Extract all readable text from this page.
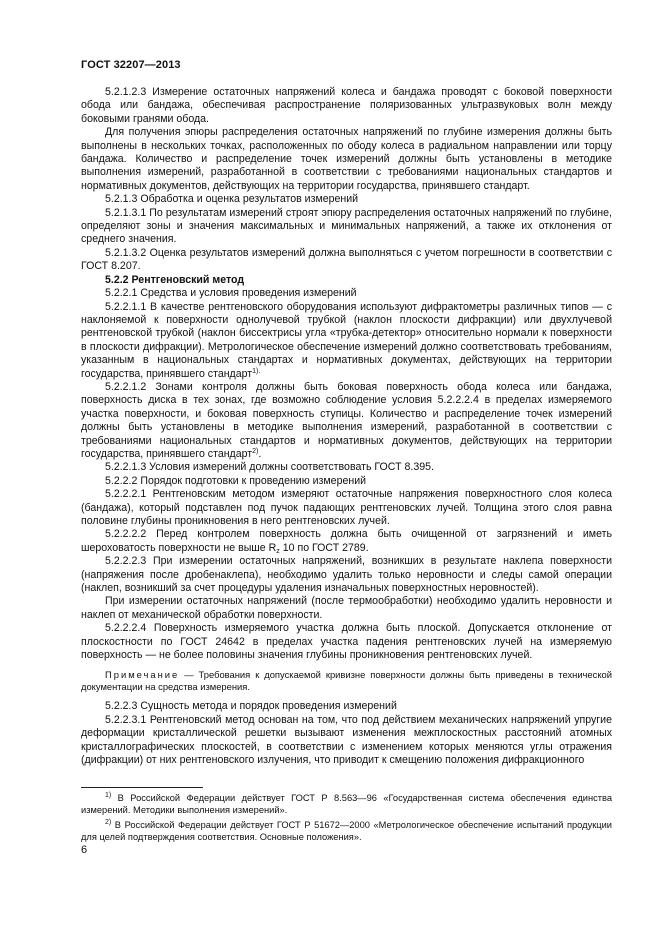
ГОСТ 32207—2013

5.2.1.2.3 Измерение остаточных напряжений колеса и бандажа проводят с боковой поверхности обода или бандажа, обеспечивая распространение поляризованных ультразвуковых волн между боковыми гранями обода.

Для получения эпюры распределения остаточных напряжений по глубине измерения должны быть выполнены в нескольких точках, расположенных по ободу колеса в радиальном направлении или торцу бандажа. Количество и распределение точек измерений должны быть установлены в методике выполнения измерений, разработанной в соответствии с требованиями национальных стандартов и нормативных документов, действующих на территории государства, принявшего стандарт.

5.2.1.3 Обработка и оценка результатов измерений

5.2.1.3.1 По результатам измерений строят эпюру распределения остаточных напряжений по глубине, определяют зоны и значения максимальных и минимальных напряжений, а также их отклонения от среднего значения.

5.2.1.3.2 Оценка результатов измерений должна выполняться с учетом погрешности в соответствии с ГОСТ 8.207.

5.2.2 Рентгеновский метод

5.2.2.1 Средства и условия проведения измерений

5.2.2.1.1 В качестве рентгеновского оборудования используют дифрактометры различных типов — с наклоняемой к поверхности однолучевой трубкой (наклон плоскости дифракции) или двухлучевой рентгеновской трубкой (наклон биссектрисы угла «трубка-детектор» относительно нормали к поверхности в плоскости дифракции). Метрологическое обеспечение измерений должно соответствовать требованиям, указанным в национальных стандартах и нормативных документах, действующих на территории государства, принявшего стандарт$^{1).}$

5.2.2.1.2 Зонами контроля должны быть боковая поверхность обода колеса или бандажа, поверхность диска в тех зонах, где возможно соблюдение условия 5.2.2.2.4 в пределах измеряемого участка поверхности, и боковая поверхность ступицы. Количество и распределение точек измерений должны быть установлены в методике выполнения измерений, разработанной в соответствии с требованиями национальных стандартов и нормативных документов, действующих на территории государства, принявшего стандарт$^{2)}$.

5.2.2.1.3 Условия измерений должны соответствовать ГОСТ 8.395.

5.2.2.2 Порядок подготовки к проведению измерений

5.2.2.2.1 Рентгеновским методом измеряют остаточные напряжения поверхностного слоя колеса (бандажа), который подставлен под пучок падающих рентгеновских лучей. Толщина этого слоя равна половине глубины проникновения в него рентгеновских лучей.

5.2.2.2.2 Перед контролем поверхность должна быть очищенной от загрязнений и иметь шероховатость поверхности не выше $R_z$ 10 по ГОСТ 2789.

5.2.2.2.3 При измерении остаточных напряжений, возникших в результате наклепа поверхности (напряжения после дробенаклепа), необходимо удалить только неровности и следы самой операции (наклеп, возникший за счет процедуры удаления изначальных поверхностных неровностей).

При измерении остаточных напряжений (после термообработки) необходимо удалить неровности и наклеп от механической обработки поверхности.

5.2.2.2.4 Поверхность измеряемого участка должна быть плоской. Допускается отклонение от плоскостности по ГОСТ 24642 в пределах участка падения рентгеновских лучей на измеряемую поверхность — не более половины значения глубины проникновения рентгеновских лучей.

Примечание — Требования к допускаемой кривизне поверхности должны быть приведены в технической документации на средства измерения.

5.2.2.3 Сущность метода и порядок проведения измерений

5.2.2.3.1 Рентгеновский метод основан на том, что под действием механических напряжений упругие деформации кристаллической решетки вызывают изменения межплоскостных расстояний атомных кристаллографических плоскостей, в соответствии с изменением которых меняются углы отражения (дифракции) от них рентгеновского излучения, что приводит к смещению положения дифракционного

$^{1)}$ В Российской Федерации действует ГОСТ Р 8.563—96 «Государственная система обеспечения единства измерений. Методики выполнения измерений».

$^{2)}$ В Российской Федерации действует ГОСТ Р 51672—2000 «Метрологическое обеспечение испытаний продукции для целей подтверждения соответствия. Основные положения».

6
